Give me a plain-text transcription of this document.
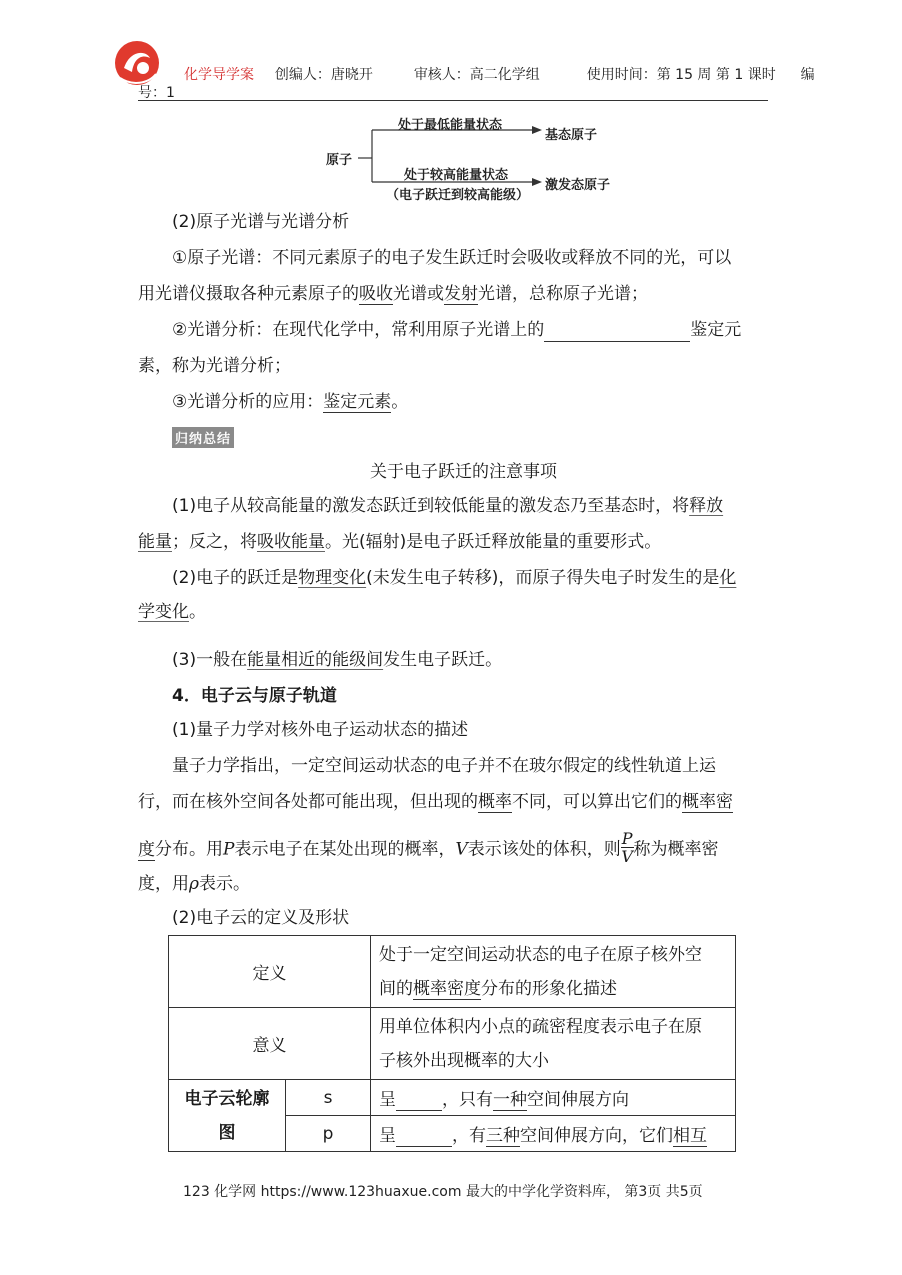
化学导学案 创编人：唐晓开	审核人：高二化学组	使用时间：第 15 周 第 1 课时 编
号：1
原子
处于最低能量状态
基态原子
处于较高能量状态
（电子跃迁到较高能级）
激发态原子
(2)原子光谱与光谱分析
①原子光谱：不同元素原子的电子发生跃迁时会吸收或释放不同的光，可以
用光谱仪摄取各种元素原子的吸收光谱或发射光谱，总称原子光谱；
②光谱分析：在现代化学中，常利用原子光谱上的	鉴定元
素，称为光谱分析；
③光谱分析的应用：鉴定元素。
归纳总结
关于电子跃迁的注意事项
(1)电子从较高能量的激发态跃迁到较低能量的激发态乃至基态时，将释放
能量；反之，将吸收能量。光(辐射)是电子跃迁释放能量的重要形式。
(2)电子的跃迁是物理变化(未发生电子转移)，而原子得失电子时发生的是化
学变化。
(3)一般在能量相近的能级间发生电子跃迁。
4．电子云与原子轨道
(1)量子力学对核外电子运动状态的描述
量子力学指出，一定空间运动状态的电子并不在玻尔假定的线性轨道上运
行，而在核外空间各处都可能出现，但出现的概率不同，可以算出它们的概率密
度分布。用P表示电子在某处出现的概率，V表示该处的体积，则 $\frac{P}{V}$ 称为概率密
度，用ρ表示。
(2)电子云的定义及形状
定义		处于一定空间运动状态的电子在原子核外空
间的概率密度分布的形象化描述

意义		用单位体积内小点的疏密程度表示电子在原
子核外出现概率的大小

电子云轮廓
图	s	呈 ，只有一种空间伸展方向
	p	呈 ，有三种空间伸展方向，它们相互
123 化学网 https://www.123huaxue.com 最大的中学化学资料库， 第3页 共5页
